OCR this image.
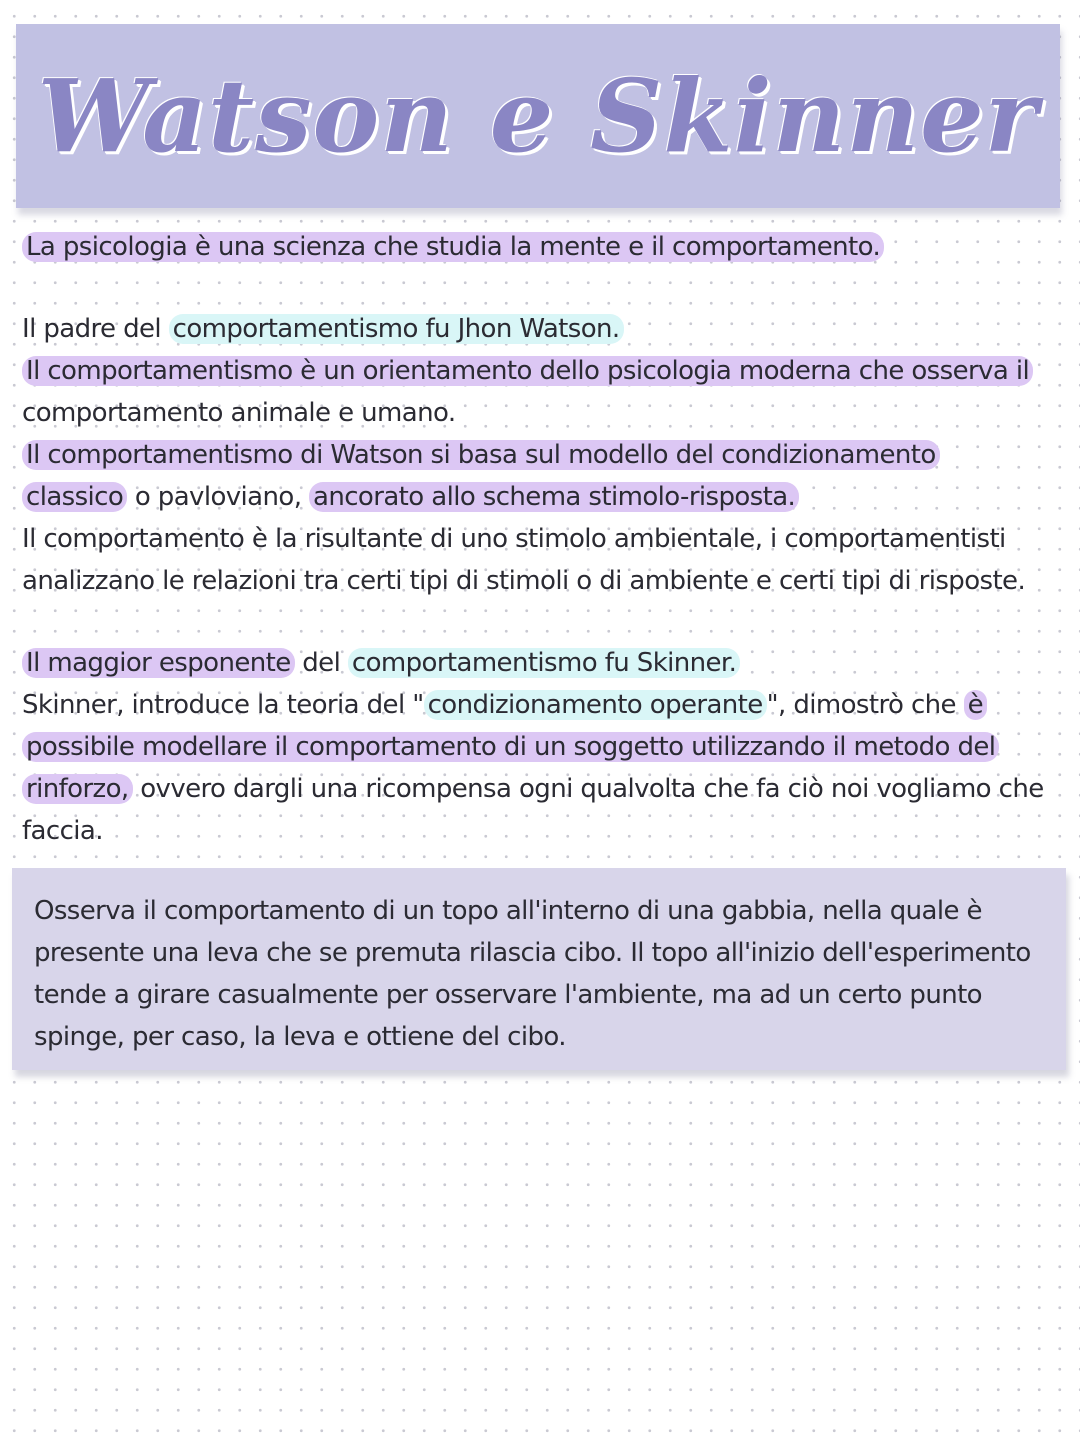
Watson e Skinner
La psicologia è una scienza che studia la mente e il comportamento.
Il padre del comportamentismo fu Jhon Watson.
Il comportamentismo è un orientamento dello psicologia moderna che osserva il
comportamento animale e umano.
Il comportamentismo di Watson si basa sul modello del condizionamento
classico o pavloviano, ancorato allo schema stimolo-risposta.
Il comportamento è la risultante di uno stimolo ambientale, i comportamentisti
analizzano le relazioni tra certi tipi di stimoli o di ambiente e certi tipi di risposte.
Il maggior esponente del comportamentismo fu Skinner.
Skinner, introduce la teoria del " condizionamento operante ", dimostrò che è
possibile modellare il comportamento di un soggetto utilizzando il metodo del
rinforzo, ovvero dargli una ricompensa ogni qualvolta che fa ciò noi vogliamo che
faccia.
Osserva il comportamento di un topo all'interno di una gabbia, nella quale è
presente una leva che se premuta rilascia cibo. Il topo all'inizio dell'esperimento
tende a girare casualmente per osservare l'ambiente, ma ad un certo punto
spinge, per caso, la leva e ottiene del cibo.
